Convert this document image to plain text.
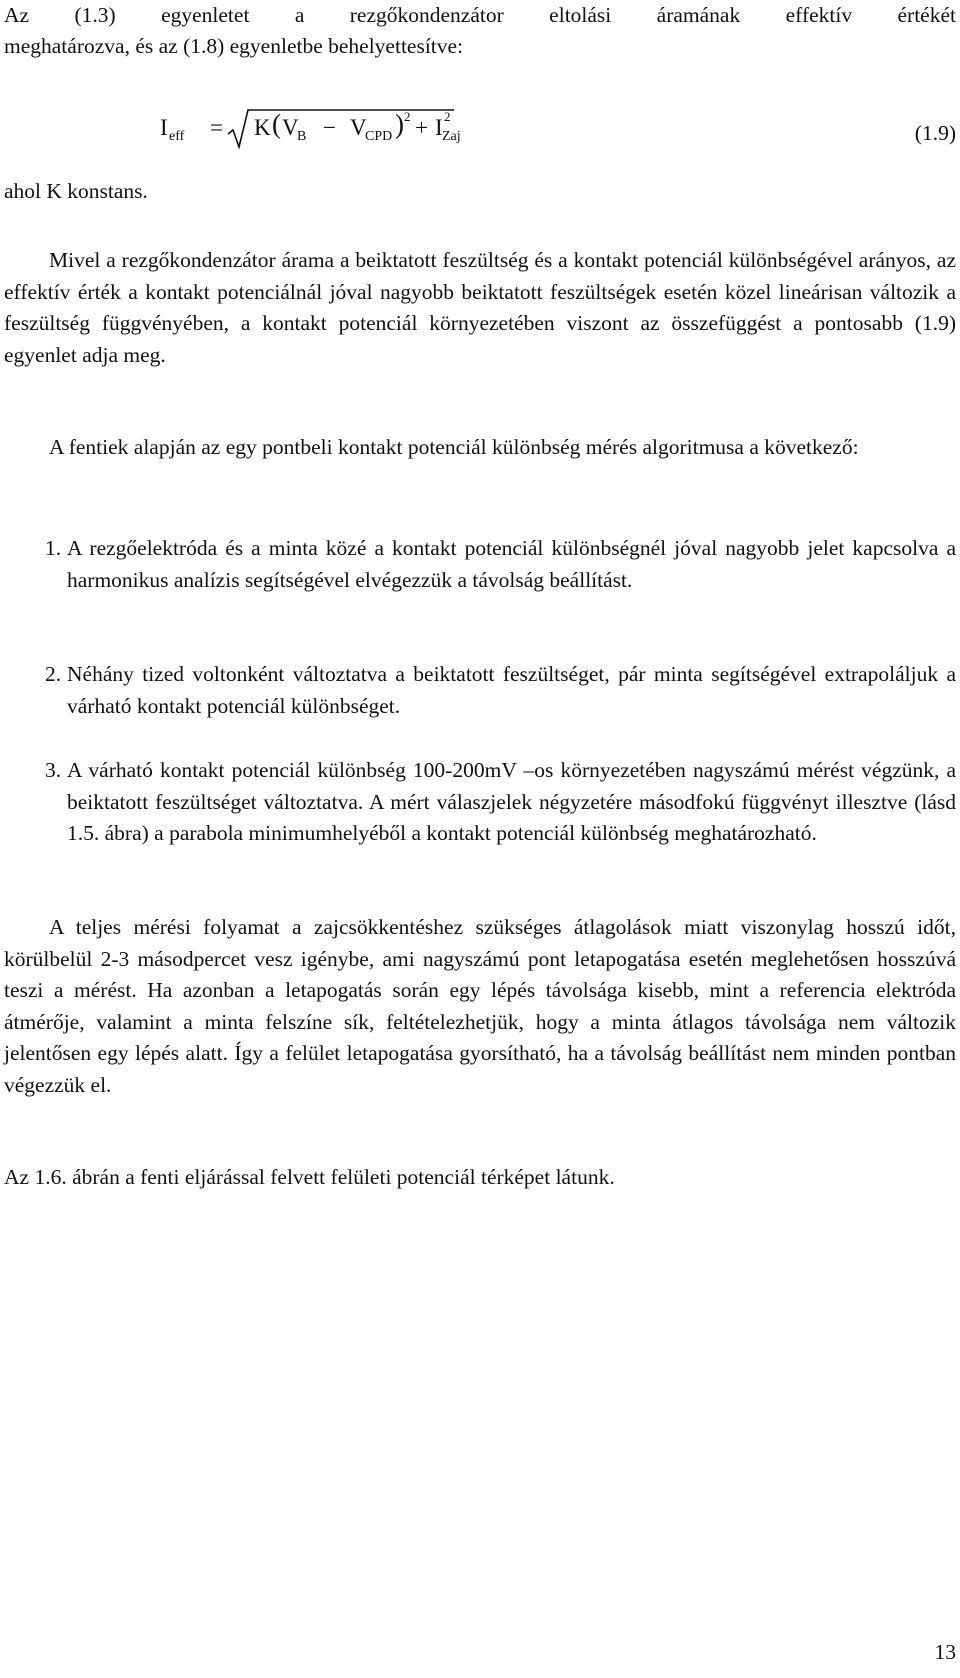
Az (1.3) egyenletet a rezgőkondenzátor eltolási áramának effektív értékét

meghatározva, és az (1.8) egyenletbe behelyettesítve:

I eff = K ( V
B − V
CPD ) 2 + I Zaj
2
(1.9)

ahol K konstans.

Mivel a rezgőkondenzátor árama a beiktatott feszültség és a kontakt potenciál különbségével arányos, az effektív érték a kontakt potenciálnál jóval nagyobb beiktatott feszültségek esetén közel lineárisan változik a feszültség függvényében, a kontakt potenciál környezetében viszont az összefüggést a pontosabb (1.9) egyenlet adja meg.

A fentiek alapján az egy pontbeli kontakt potenciál különbség mérés algoritmusa a következő:

1. A rezgőelektróda és a minta közé a kontakt potenciál különbségnél jóval nagyobb jelet kapcsolva a harmonikus analízis segítségével elvégezzük a távolság beállítást.

2. Néhány tized voltonként változtatva a beiktatott feszültséget, pár minta segítségével extrapoláljuk a várható kontakt potenciál különbséget.

3. A várható kontakt potenciál különbség 100-200mV –os környezetében nagyszámú mérést végzünk, a beiktatott feszültséget változtatva. A mért válaszjelek négyzetére másodfokú függvényt illesztve (lásd 1.5. ábra) a parabola minimumhelyéből a kontakt potenciál különbség meghatározható.

A teljes mérési folyamat a zajcsökkentéshez szükséges átlagolások miatt viszonylag hosszú időt, körülbelül 2-3 másodpercet vesz igénybe, ami nagyszámú pont letapogatása esetén meglehetősen hosszúvá teszi a mérést. Ha azonban a letapogatás során egy lépés távolsága kisebb, mint a referencia elektróda átmérője, valamint a minta felszíne sík, feltételezhetjük, hogy a minta átlagos távolsága nem változik jelentősen egy lépés alatt. Így a felület letapogatása gyorsítható, ha a távolság beállítást nem minden pontban végezzük el.

Az 1.6. ábrán a fenti eljárással felvett felületi potenciál térképet látunk.

13
